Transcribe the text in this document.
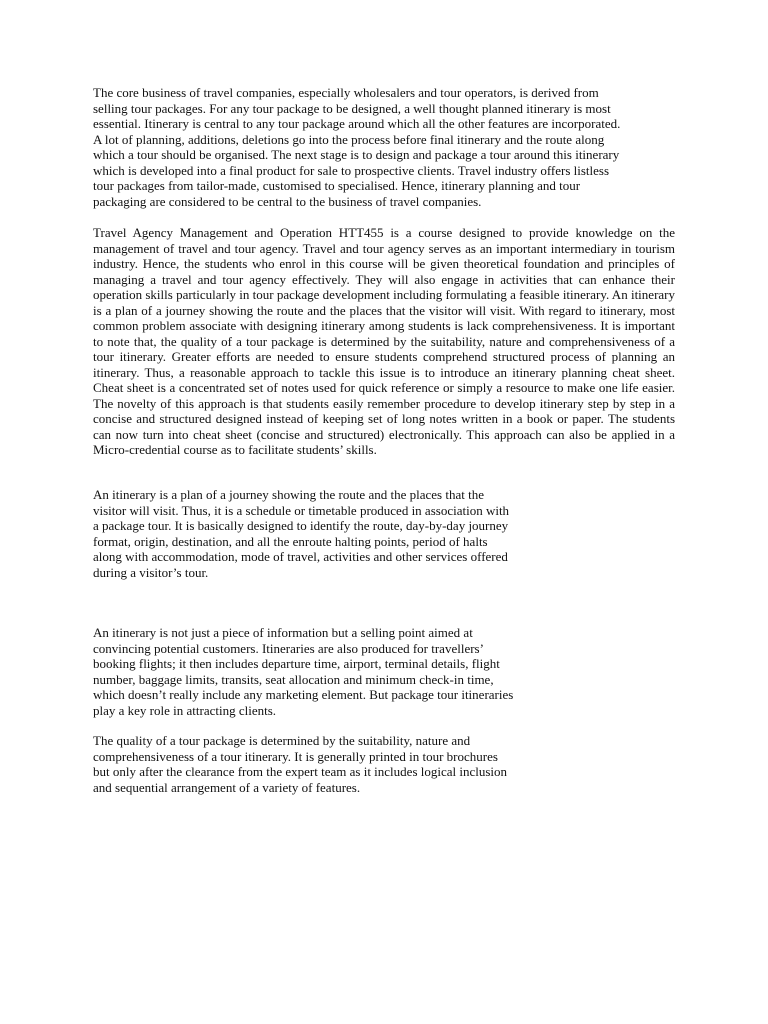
The core business of travel companies, especially wholesalers and tour operators, is derived from
selling tour packages. For any tour package to be designed, a well thought planned itinerary is most
essential. Itinerary is central to any tour package around which all the other features are incorporated.
A lot of planning, additions, deletions go into the process before final itinerary and the route along
which a tour should be organised. The next stage is to design and package a tour around this itinerary
which is developed into a final product for sale to prospective clients. Travel industry offers listless
tour packages from tailor-made, customised to specialised. Hence, itinerary planning and tour
packaging are considered to be central to the business of travel companies.

Travel Agency Management and Operation HTT455 is a course designed to provide knowledge on the management of travel and tour agency. Travel and tour agency serves as an important intermediary in tourism industry. Hence, the students who enrol in this course will be given theoretical foundation and principles of managing a travel and tour agency effectively. They will also engage in activities that can enhance their operation skills particularly in tour package development including formulating a feasible itinerary. An itinerary is a plan of a journey showing the route and the places that the visitor will visit. With regard to itinerary, most common problem associate with designing itinerary among students is lack comprehensiveness. It is important to note that, the quality of a tour package is determined by the suitability, nature and comprehensiveness of a tour itinerary. Greater efforts are needed to ensure students comprehend structured process of planning an itinerary. Thus, a reasonable approach to tackle this issue is to introduce an itinerary planning cheat sheet. Cheat sheet is a concentrated set of notes used for quick reference or simply a resource to make one life easier. The novelty of this approach is that students easily remember procedure to develop itinerary step by step in a concise and structured designed instead of keeping set of long notes written in a book or paper. The students can now turn into cheat sheet (concise and structured) electronically. This approach can also be applied in a Micro-credential course as to facilitate students’ skills.

An itinerary is a plan of a journey showing the route and the places that the
visitor will visit. Thus, it is a schedule or timetable produced in association with
a package tour. It is basically designed to identify the route, day-by-day journey
format, origin, destination, and all the enroute halting points, period of halts
along with accommodation, mode of travel, activities and other services offered
during a visitor’s tour.

An itinerary is not just a piece of information but a selling point aimed at
convincing potential customers. Itineraries are also produced for travellers’
booking flights; it then includes departure time, airport, terminal details, flight
number, baggage limits, transits, seat allocation and minimum check-in time,
which doesn’t really include any marketing element. But package tour itineraries
play a key role in attracting clients.

The quality of a tour package is determined by the suitability, nature and
comprehensiveness of a tour itinerary. It is generally printed in tour brochures
but only after the clearance from the expert team as it includes logical inclusion
and sequential arrangement of a variety of features.
